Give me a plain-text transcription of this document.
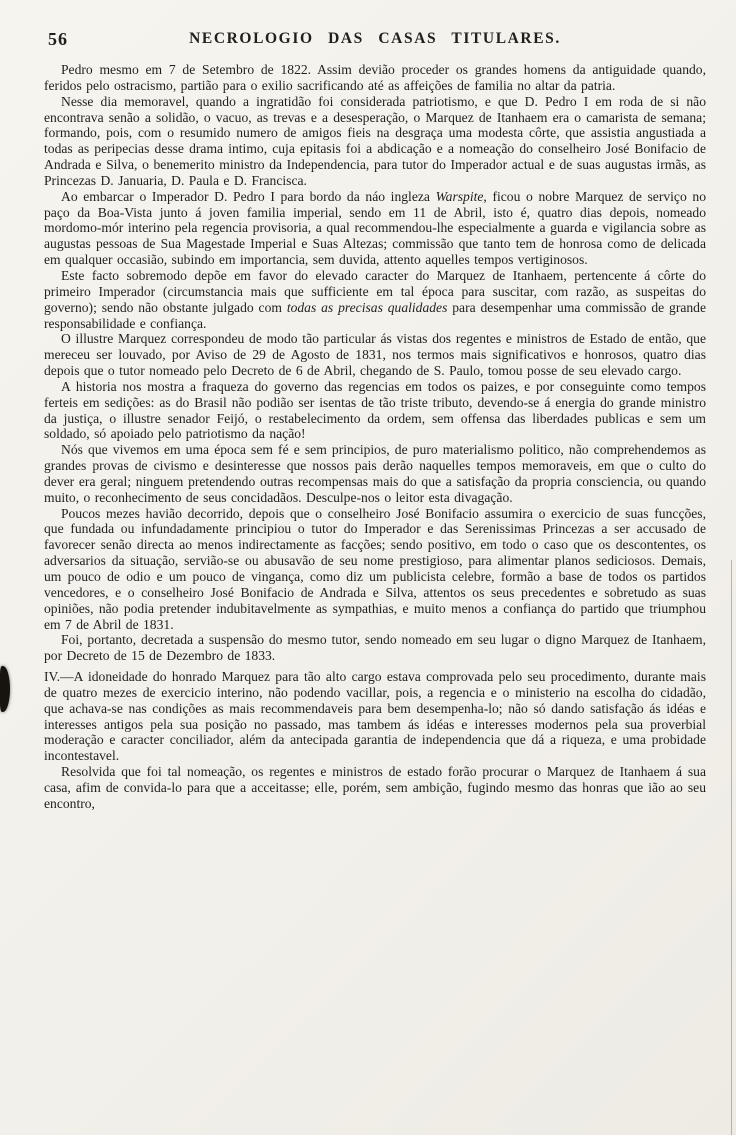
56	NECROLOGIO DAS CASAS TITULARES.

Pedro mesmo em 7 de Setembro de 1822. Assim devião proceder os grandes homens da antiguidade quando, feridos pelo ostracismo, partião para o exilio sacrificando até as affeições de familia no altar da patria.

Nesse dia memoravel, quando a ingratidão foi considerada patriotismo, e que D. Pedro I em roda de si não encontrava senão a solidão, o vacuo, as trevas e a desesperação, o Marquez de Itanhaem era o camarista de semana; formando, pois, com o resumido numero de amigos fieis na desgraça uma modesta côrte, que assistia angustiada a todas as peripecias desse drama intimo, cuja epitasis foi a abdicação e a nomeação do conselheiro José Bonifacio de Andrada e Silva, o benemerito ministro da Independencia, para tutor do Imperador actual e de suas augustas irmãs, as Princezas D. Januaria, D. Paula e D. Francisca.

Ao embarcar o Imperador D. Pedro I para bordo da náo ingleza Warspite, ficou o nobre Marquez de serviço no paço da Boa-Vista junto á joven familia imperial, sendo em 11 de Abril, isto é, quatro dias depois, nomeado mordomo-mór interino pela regencia provisoria, a qual recommendou-lhe especialmente a guarda e vigilancia sobre as augustas pessoas de Sua Magestade Imperial e Suas Altezas; commissão que tanto tem de honrosa como de delicada em qualquer occasião, subindo em importancia, sem duvida, attento aquelles tempos vertiginosos.

Este facto sobremodo depõe em favor do elevado caracter do Marquez de Itanhaem, pertencente á côrte do primeiro Imperador (circumstancia mais que sufficiente em tal época para suscitar, com razão, as suspeitas do governo); sendo não obstante julgado com todas as precisas qualidades para desempenhar uma commissão de grande responsabilidade e confiança.

O illustre Marquez correspondeu de modo tão particular ás vistas dos regentes e ministros de Estado de então, que mereceu ser louvado, por Aviso de 29 de Agosto de 1831, nos termos mais significativos e honrosos, quatro dias depois que o tutor nomeado pelo Decreto de 6 de Abril, chegando de S. Paulo, tomou posse de seu elevado cargo.

A historia nos mostra a fraqueza do governo das regencias em todos os paizes, e por conseguinte como tempos ferteis em sedições: as do Brasil não podião ser isentas de tão triste tributo, devendo-se á energia do grande ministro da justiça, o illustre senador Feijó, o restabelecimento da ordem, sem offensa das liberdades publicas e sem um soldado, só apoiado pelo patriotismo da nação!

Nós que vivemos em uma época sem fé e sem principios, de puro materialismo politico, não comprehendemos as grandes provas de civismo e desinteresse que nossos pais derão naquelles tempos memoraveis, em que o culto do dever era geral; ninguem pretendendo outras recompensas mais do que a satisfação da propria consciencia, ou quando muito, o reconhecimento de seus concidadãos. Desculpe-nos o leitor esta divagação.

Poucos mezes havião decorrido, depois que o conselheiro José Bonifacio assumira o exercicio de suas funcções, que fundada ou infundadamente principiou o tutor do Imperador e das Serenissimas Princezas a ser accusado de favorecer senão directa ao menos indirectamente as facções; sendo positivo, em todo o caso que os descontentes, os adversarios da situação, servião-se ou abusavão de seu nome prestigioso, para alimentar planos sediciosos. Demais, um pouco de odio e um pouco de vingança, como diz um publicista celebre, formão a base de todos os partidos vencedores, e o conselheiro José Bonifacio de Andrada e Silva, attentos os seus precedentes e sobretudo as suas opiniões, não podia pretender indubitavelmente as sympathias, e muito menos a confiança do partido que triumphou em 7 de Abril de 1831.

Foi, portanto, decretada a suspensão do mesmo tutor, sendo nomeado em seu lugar o digno Marquez de Itanhaem, por Decreto de 15 de Dezembro de 1833.

IV.—A idoneidade do honrado Marquez para tão alto cargo estava comprovada pelo seu procedimento, durante mais de quatro mezes de exercicio interino, não podendo vacillar, pois, a regencia e o ministerio na escolha do cidadão, que achava-se nas condições as mais recommendaveis para bem desempenha-lo; não só dando satisfação ás idéas e interesses antigos pela sua posição no passado, mas tambem ás idéas e interesses modernos pela sua proverbial moderação e caracter conciliador, além da antecipada garantia de independencia que dá a riqueza, e uma probidade incontestavel.

Resolvida que foi tal nomeação, os regentes e ministros de estado forão procurar o Marquez de Itanhaem á sua casa, afim de convida-lo para que a acceitasse; elle, porém, sem ambição, fugindo mesmo das honras que ião ao seu encontro,
